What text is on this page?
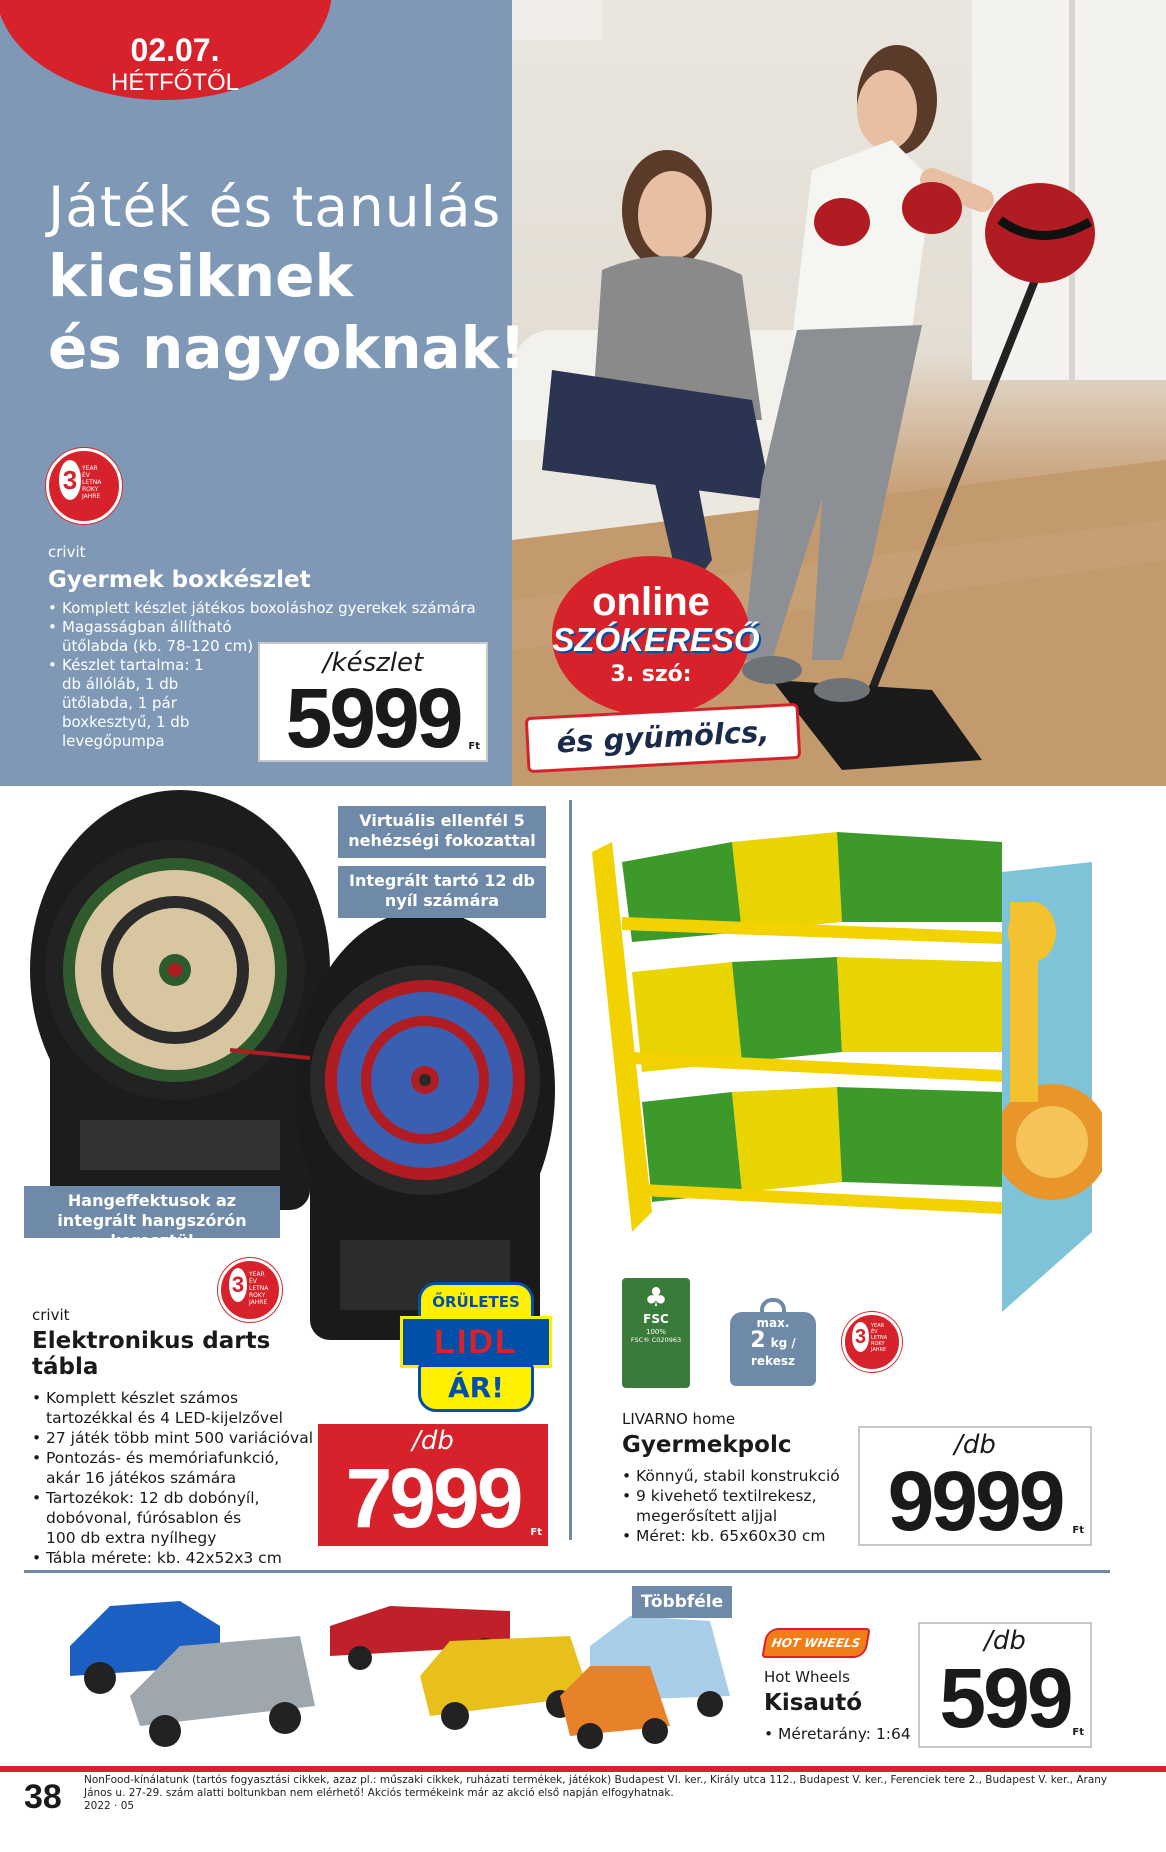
02.07.
HÉTFŐTŐL
Játék és tanulás
kicsiknek
és nagyoknak!
3 YEAR
ÉV
LETNA
ROKY
JAHRE
crivit
Gyermek boxkészlet
• Komplett készlet játékos boxoláshoz gyerekek számára
• Magasságban állítható ütőlabda (kb. 78-120 cm)
• Készlet tartalma: 1 db állóláb, 1 db ütőlabda, 1 pár boxkesztyű, 1 db levegőpumpa
/készlet
5999 Ft
online
SZÓKERESŐ
3. szó:
és gyümölcs,
Virtuális ellenfél 5 nehézségi fokozattal
Integrált tartó 12 db nyíl számára
Hangeffektusok az integrált hangszórón keresztül
3 YEAR
ÉV
LETNA
ROKY
JAHRE
crivit
Elektronikus darts tábla
• Komplett készlet számos tartozékkal és 4 LED-kijelzővel
• 27 játék több mint 500 variációval
• Pontozás- és memóriafunkció, akár 16 játékos számára
• Tartozékok: 12 db dobónyíl, dobóvonal, fúrósablon és 100 db extra nyílhegy
• Tábla mérete: kb. 42x52x3 cm
ŐRÜLETES
LIDL
ÁR!
/db
7999 Ft
♣
FSC
100%
FSC® C020963
max.
2 kg /
rekesz
3 YEAR
ÉV
LETNA
ROKY
JAHRE
LIVARNO home
Gyermekpolc
• Könnyű, stabil konstrukció
• 9 kivehető textilrekesz, megerősített aljjal
• Méret: kb. 65x60x30 cm
/db
9999 Ft
Többféle
HOT WHEELS
Hot Wheels
Kisautó
• Méretarány: 1:64
/db
599 Ft
38 NonFood-kínálatunk (tartós fogyasztási cikkek, azaz pl.: műszaki cikkek, ruházati termékek, játékok) Budapest VI. ker., Király utca 112., Budapest V. ker., Ferenciek tere 2., Budapest V. ker., Arany János u. 27-29. szám alatti boltunkban nem elérhető! Akciós termékeink már az akció első napján elfogyhatnak.
2022 · 05
